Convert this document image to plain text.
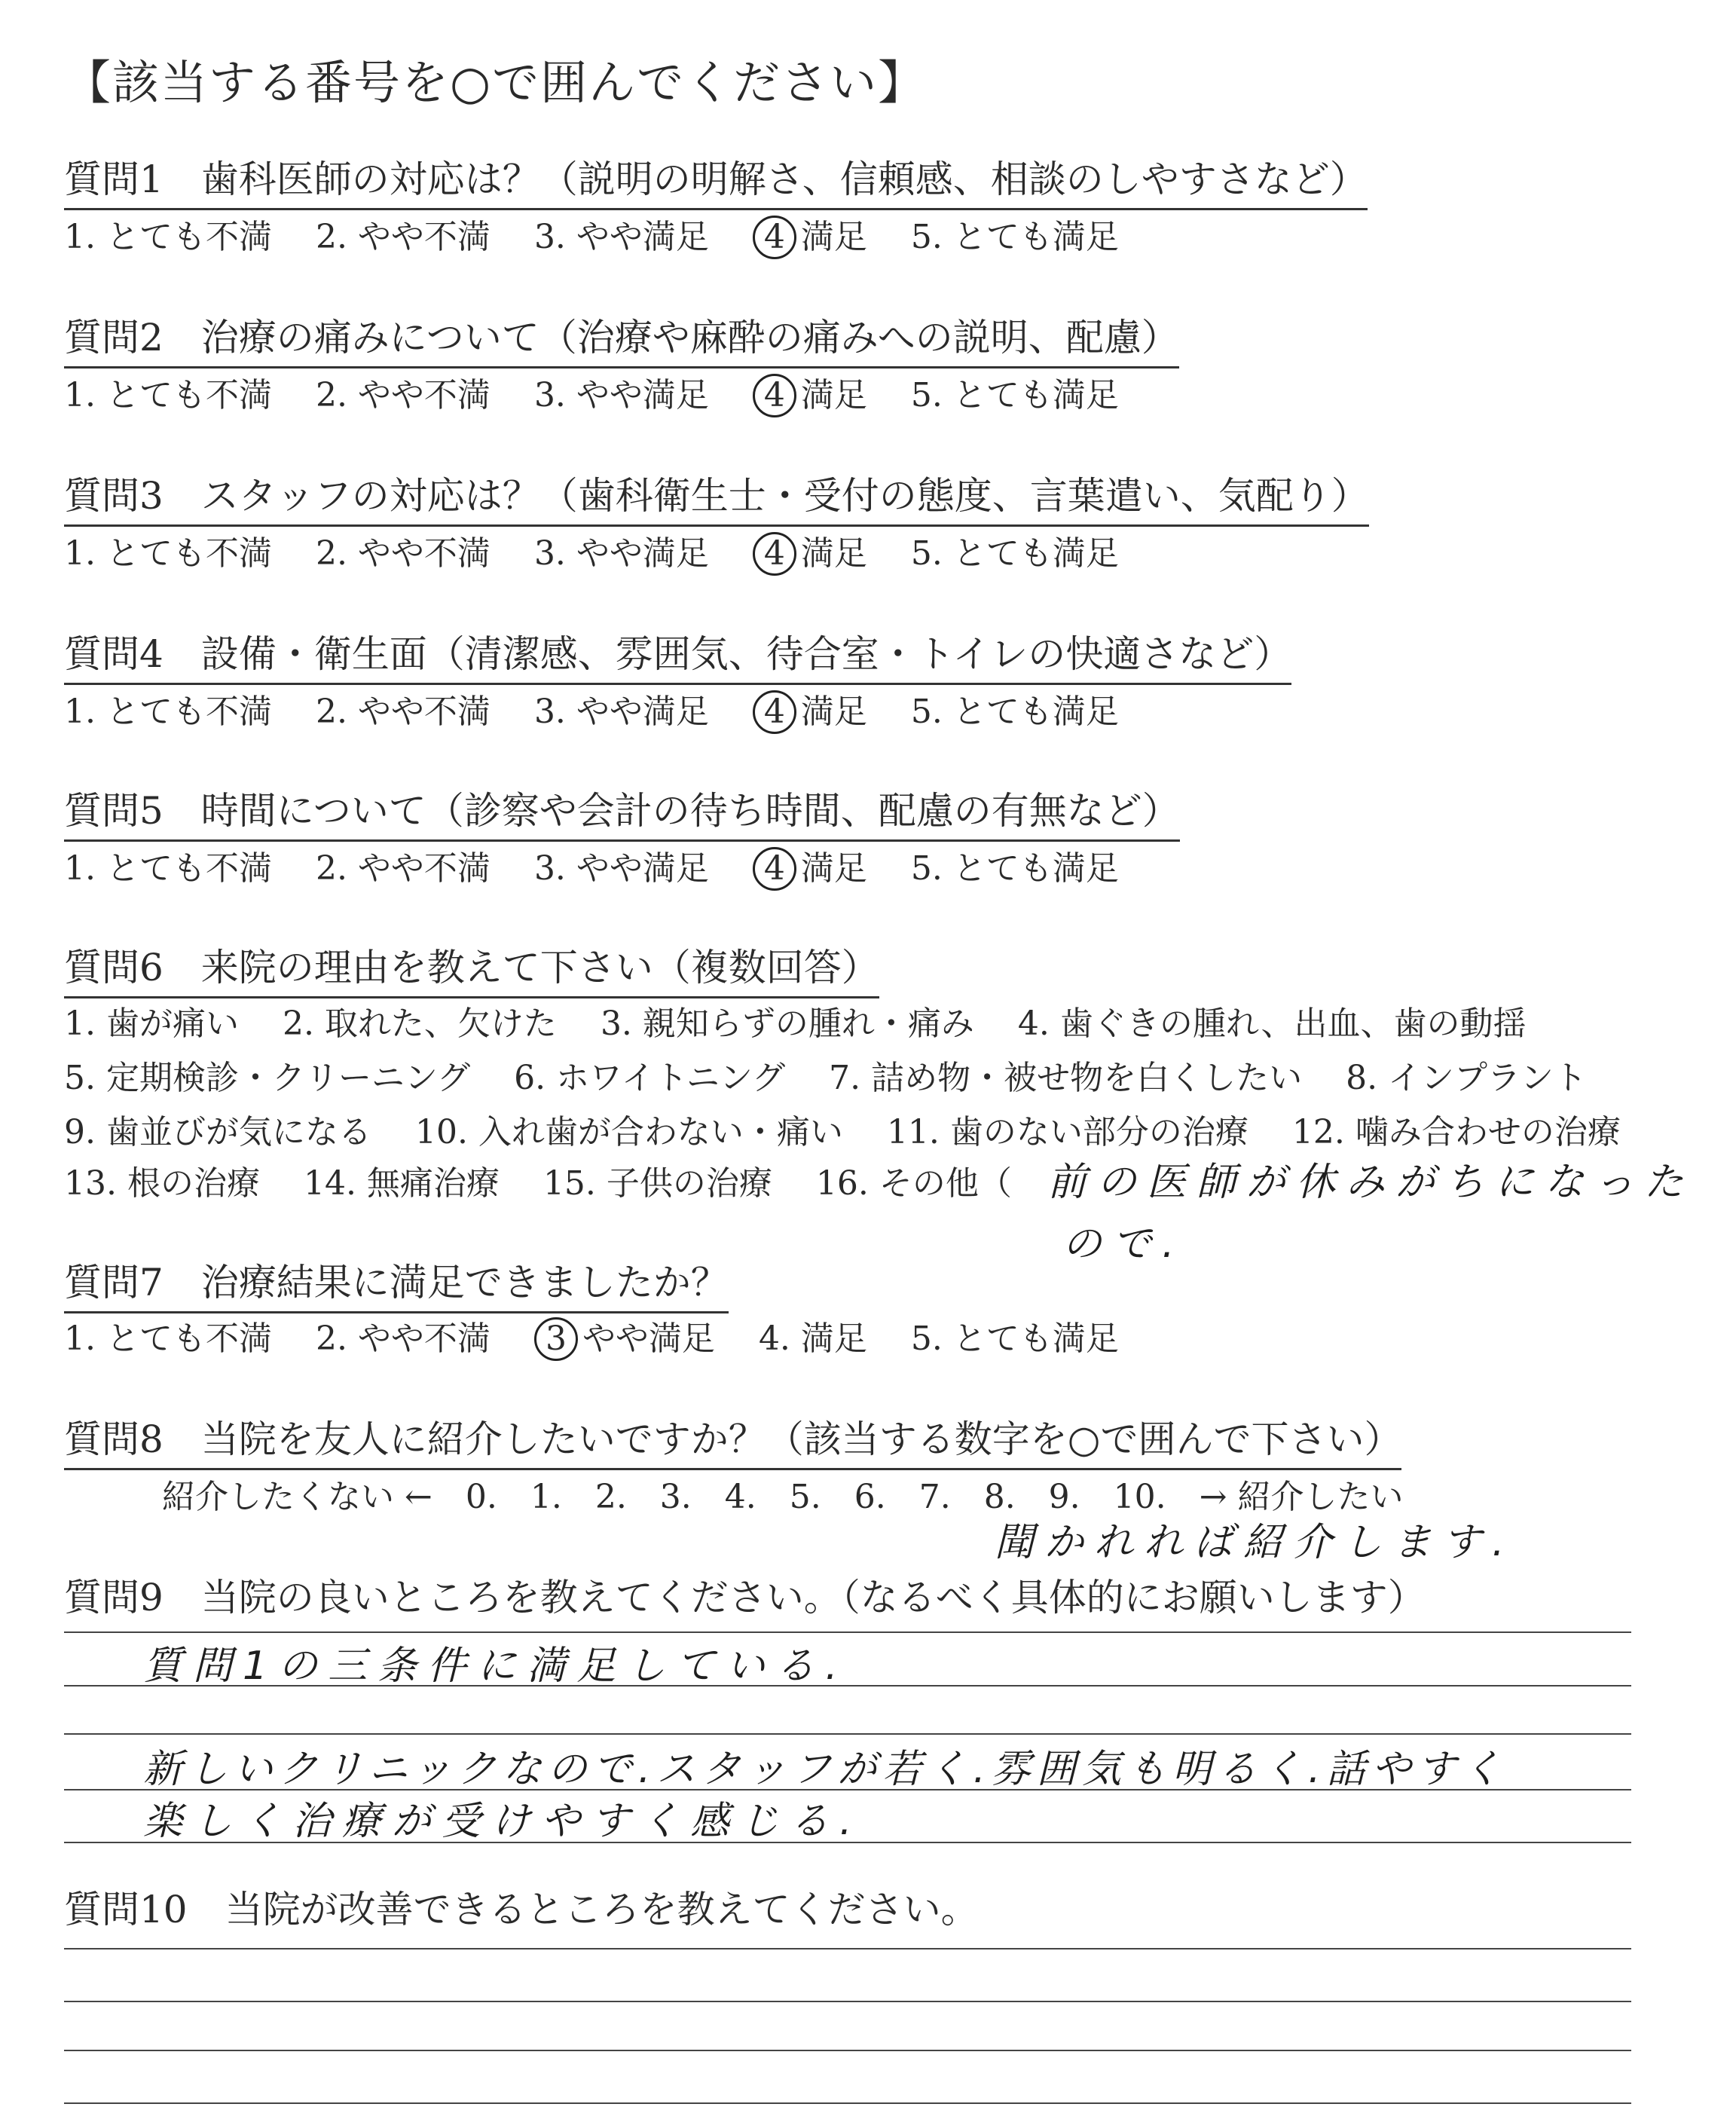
【該当する番号を○で囲んでください】
質問1　歯科医師の対応は？（説明の明解さ、信頼感、相談のしやすさなど）
1. とても不満 2. やや不満 3. やや満足 4 満足 5. とても満足
質問2　治療の痛みについて（治療や麻酔の痛みへの説明、配慮）
1. とても不満 2. やや不満 3. やや満足 4 満足 5. とても満足
質問3　スタッフの対応は？（歯科衛生士・受付の態度、言葉遣い、気配り）
1. とても不満 2. やや不満 3. やや満足 4 満足 5. とても満足
質問4　設備・衛生面（清潔感、雰囲気、待合室・トイレの快適さなど）
1. とても不満 2. やや不満 3. やや満足 4 満足 5. とても満足
質問5　時間について（診察や会計の待ち時間、配慮の有無など）
1. とても不満 2. やや不満 3. やや満足 4 満足 5. とても満足
質問6　来院の理由を教えて下さい（複数回答）
1. 歯が痛い 2. 取れた、欠けた 3. 親知らずの腫れ・痛み 4. 歯ぐきの腫れ、出血、歯の動揺
5. 定期検診・クリーニング 6. ホワイトニング 7. 詰め物・被せ物を白くしたい 8. インプラント
9. 歯並びが気になる 10. 入れ歯が合わない・痛い 11. 歯のない部分の治療 12. 噛み合わせの治療
13. 根の治療 14. 無痛治療 15. 子供の治療 16. その他（ 前の医師が休みがちになった
ので.
質問7　治療結果に満足できましたか？
1. とても不満 2. やや不満 3 やや満足 4. 満足 5. とても満足
質問8　当院を友人に紹介したいですか？（該当する数字を○で囲んで下さい）
紹介したくない ← 0.　1.　2.　3.　4.　5.　6.　7.　8.　9.　10. → 紹介したい
聞かれれば紹介します.
質問9　当院の良いところを教えてください。（なるべく具体的にお願いします）
質問1の三条件に満足している.
新しいクリニックなので.スタッフが若く.雰囲気も明るく.話やすく
楽しく治療が受けやすく感じる.
質問10　当院が改善できるところを教えてください。
